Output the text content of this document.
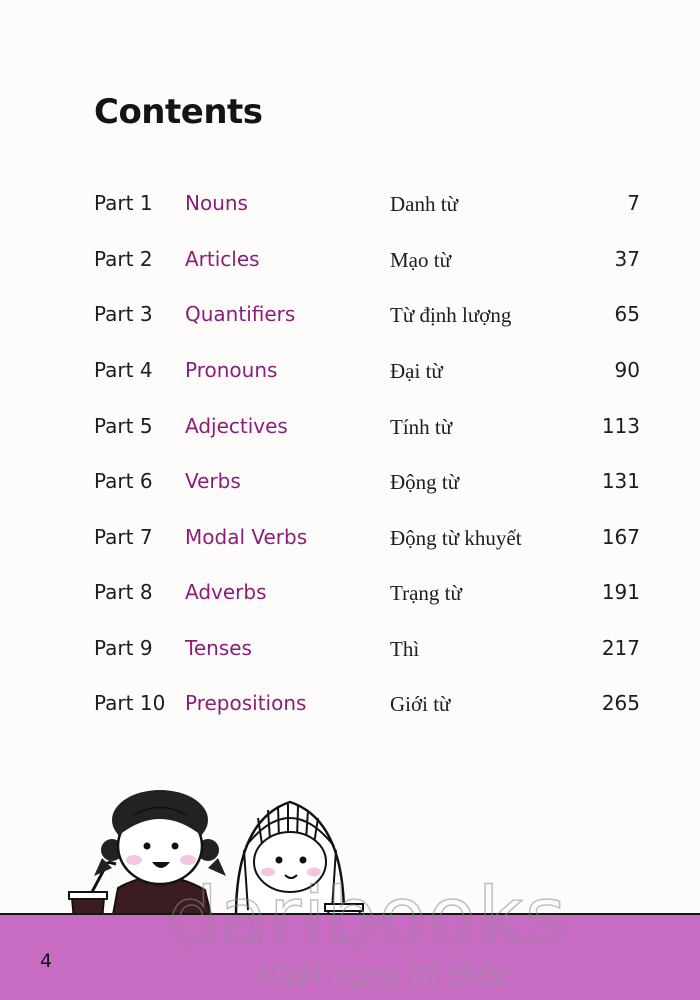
Contents
Part 1 Nouns	Danh từ	7
Part 2 Articles	Mạo từ	37
Part 3 Quantifiers	Từ định lượng	65
Part 4 Pronouns	Đại từ	90
Part 5 Adjectives	Tính từ	113
Part 6 Verbs	Động từ	131
Part 7 Modal Verbs	Động từ khuyết	167
Part 8 Adverbs	Trạng từ	191
Part 9 Tenses	Thì	217
Part 10 Prepositions	Giới từ	265
4 daribooks
Khát vọng tri thức
